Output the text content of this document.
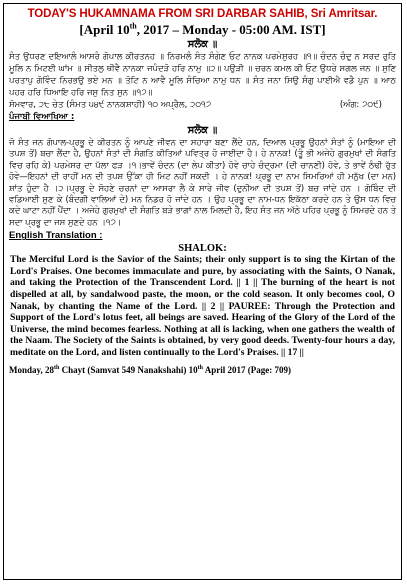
TODAY'S HUKAMNAMA FROM SRI DARBAR SAHIB, Sri Amritsar.
[April 10th, 2017 – Monday - 05:00 AM. IST]
ਸਲੋਕ ॥
ਸੰਤ ਉਧਰਣ ਦਇਆਲੰ ਆਸਰੰ ਗੋਪਾਲ ਕੀਰਤਨਹ ॥ ਨਿਰਮਲੰ ਸੰਤ ਸੰਗੇਣ ਓਟ ਨਾਨਕ ਪਰਮੇਸੁਰਹ ॥੧॥ ਚੰਦਨ ਚੰਦੁ ਨ ਸਰਦ ਰੁਤਿ ਮੂਲਿ ਨ ਮਿਟਈ ਘਾਂਮ ॥ ਸੀਤਲੁ ਥੀਵੈ ਨਾਨਕਾ ਜਪੰਦੜੋ ਹਰਿ ਨਾਮੁ ॥੨॥ ਪਉੜੀ ॥ ਚਰਨ ਕਮਲ ਕੀ ਓਟ ਉਧਰੇ ਸਗਲ ਜਨ ॥ ਸੁਣਿ ਪਰਤਾਪੁ ਗੋਵਿੰਦ ਨਿਰਭਉ ਭਏ ਮਨ ॥ ਤੋਟਿ ਨ ਆਵੈ ਮੂਲਿ ਸੰਚਿਆ ਨਾਮੁ ਧਨ ॥ ਸੰਤ ਜਨਾ ਸਿਉ ਸੰਗੁ ਪਾਈਐ ਵਡੈ ਪੁਨ ॥ ਆਠ ਪਹਰ ਹਰਿ ਧਿਆਇ ਹਰਿ ਜਸੁ ਨਿਤ ਸੁਨ ॥੧੭॥
ਸੋਮਵਾਰ, ੨੮ ਚੇਤ (ਸੰਮਤ ੫੪੯ ਨਾਨਕਸ਼ਾਹੀ) ੧੦ ਅਪ੍ਰੈਲ, ੨੦੧੭	(ਅੰਗ: ੭੦੯)
ਪੰਜਾਬੀ ਵਿਆਖਿਆ :
ਸਲੋਕ ॥
ਜੋ ਸੰਤ ਜਨ ਗੋਪਾਲ-ਪ੍ਰਭੂ ਦੇ ਕੀਰਤਨ ਨੂੰ ਆਪਣੇ ਜੀਵਨ ਦਾ ਸਹਾਰਾ ਬਣਾ ਲੈਂਦੇ ਹਨ, ਦਿਆਲ ਪ੍ਰਭੂ ਉਹਨਾਂ ਸੰਤਾਂ ਨੂੰ (ਮਾਇਆ ਦੀ ਤਪਸ਼ ਤੋਂ) ਬਚਾ ਲੈਂਦਾ ਹੈ, ਉਹਨਾਂ ਸੰਤਾਂ ਦੀ ਸੰਗਤਿ ਕੀਤਿਆਂ ਪਵਿਤ੍ਰ ਹੋ ਜਾਈਦਾ ਹੈ। ਹੇ ਨਾਨਕ! (ਤੂੰ ਭੀ ਅਜੇਹੇ ਗੁਰਮੁਖਾਂ ਦੀ ਸੰਗਤਿ ਵਿਚ ਰਹਿ ਕੇ) ਪਰਮੇਸਰ ਦਾ ਪੱਲਾ ਫੜ ।੧।ਭਾਵੇਂ ਚੰਦਨ (ਦਾ ਲੇਪ ਕੀਤਾ) ਹੋਵੇ ਚਾਹੇ ਚੰਦ੍ਰਮਾ (ਦੀ ਚਾਨਣੀ) ਹੋਵੇ, ਤੇ ਭਾਵੇਂ ਠੰਢੀ ਰੁੱਤ ਹੋਵੇ—ਇਹਨਾਂ ਦੀ ਰਾਹੀਂ ਮਨ ਦੀ ਤਪਸ਼ ਉੱਕਾ ਹੀ ਮਿਟ ਨਹੀਂ ਸਕਦੀ । ਹੇ ਨਾਨਕ! ਪ੍ਰਭੂ ਦਾ ਨਾਮ ਸਿਮਰਿਆਂ ਹੀ ਮਨੁੱਖ (ਦਾ ਮਨ) ਸ਼ਾਂਤ ਹੁੰਦਾ ਹੈ ।੨।ਪ੍ਰਭੂ ਦੇ ਸੋਹਣੇ ਚਰਨਾਂ ਦਾ ਆਸਰਾ ਲੈ ਕੇ ਸਾਰੇ ਜੀਵ (ਦੁਨੀਆ ਦੀ ਤਪਸ਼ ਤੋਂ) ਬਚ ਜਾਂਦੇ ਹਨ । ਗੋਬਿੰਦ ਦੀ ਵਡਿਆਈ ਸੁਣ ਕੇ (ਬੰਦਗੀ ਵਾਲਿਆਂ ਦੇ) ਮਨ ਨਿਡਰ ਹੋ ਜਾਂਦੇ ਹਨ । ਉਹ ਪ੍ਰਭੂ ਦਾ ਨਾਮ-ਧਨ ਇਕੱਠਾ ਕਰਦੇ ਹਨ ਤੇ ਉਸ ਧਨ ਵਿਚ ਕਦੇ ਘਾਟਾ ਨਹੀਂ ਪੈਂਦਾ । ਅਜੇਹੇ ਗੁਰਮੁਖਾਂ ਦੀ ਸੰਗਤਿ ਬੜੇ ਭਾਗਾਂ ਨਾਲ ਮਿਲਦੀ ਹੈ, ਇਹ ਸੰਤ ਜਨ ਅੱਠੇ ਪਹਿਰ ਪ੍ਰਭੂ ਨੂੰ ਸਿਮਰਦੇ ਹਨ ਤੇ ਸਦਾ ਪ੍ਰਭੂ ਦਾ ਜਸ ਸੁਣਦੇ ਹਨ ।੧੭।
English Translation :
SHALOK:
The Merciful Lord is the Savior of the Saints; their only support is to sing the Kirtan of the Lord's Praises. One becomes immaculate and pure, by associating with the Saints, O Nanak, and taking the Protection of the Transcendent Lord. || 1 || The burning of the heart is not dispelled at all, by sandalwood paste, the moon, or the cold season. It only becomes cool, O Nanak, by chanting the Name of the Lord. || 2 || PAUREE: Through the Protection and Support of the Lord's lotus feet, all beings are saved. Hearing of the Glory of the Lord of the Universe, the mind becomes fearless. Nothing at all is lacking, when one gathers the wealth of the Naam. The Society of the Saints is obtained, by very good deeds. Twenty-four hours a day, meditate on the Lord, and listen continually to the Lord's Praises. || 17 ||
Monday, 28th Chayt (Samvat 549 Nanakshahi) 10th April 2017 (Page: 709)
